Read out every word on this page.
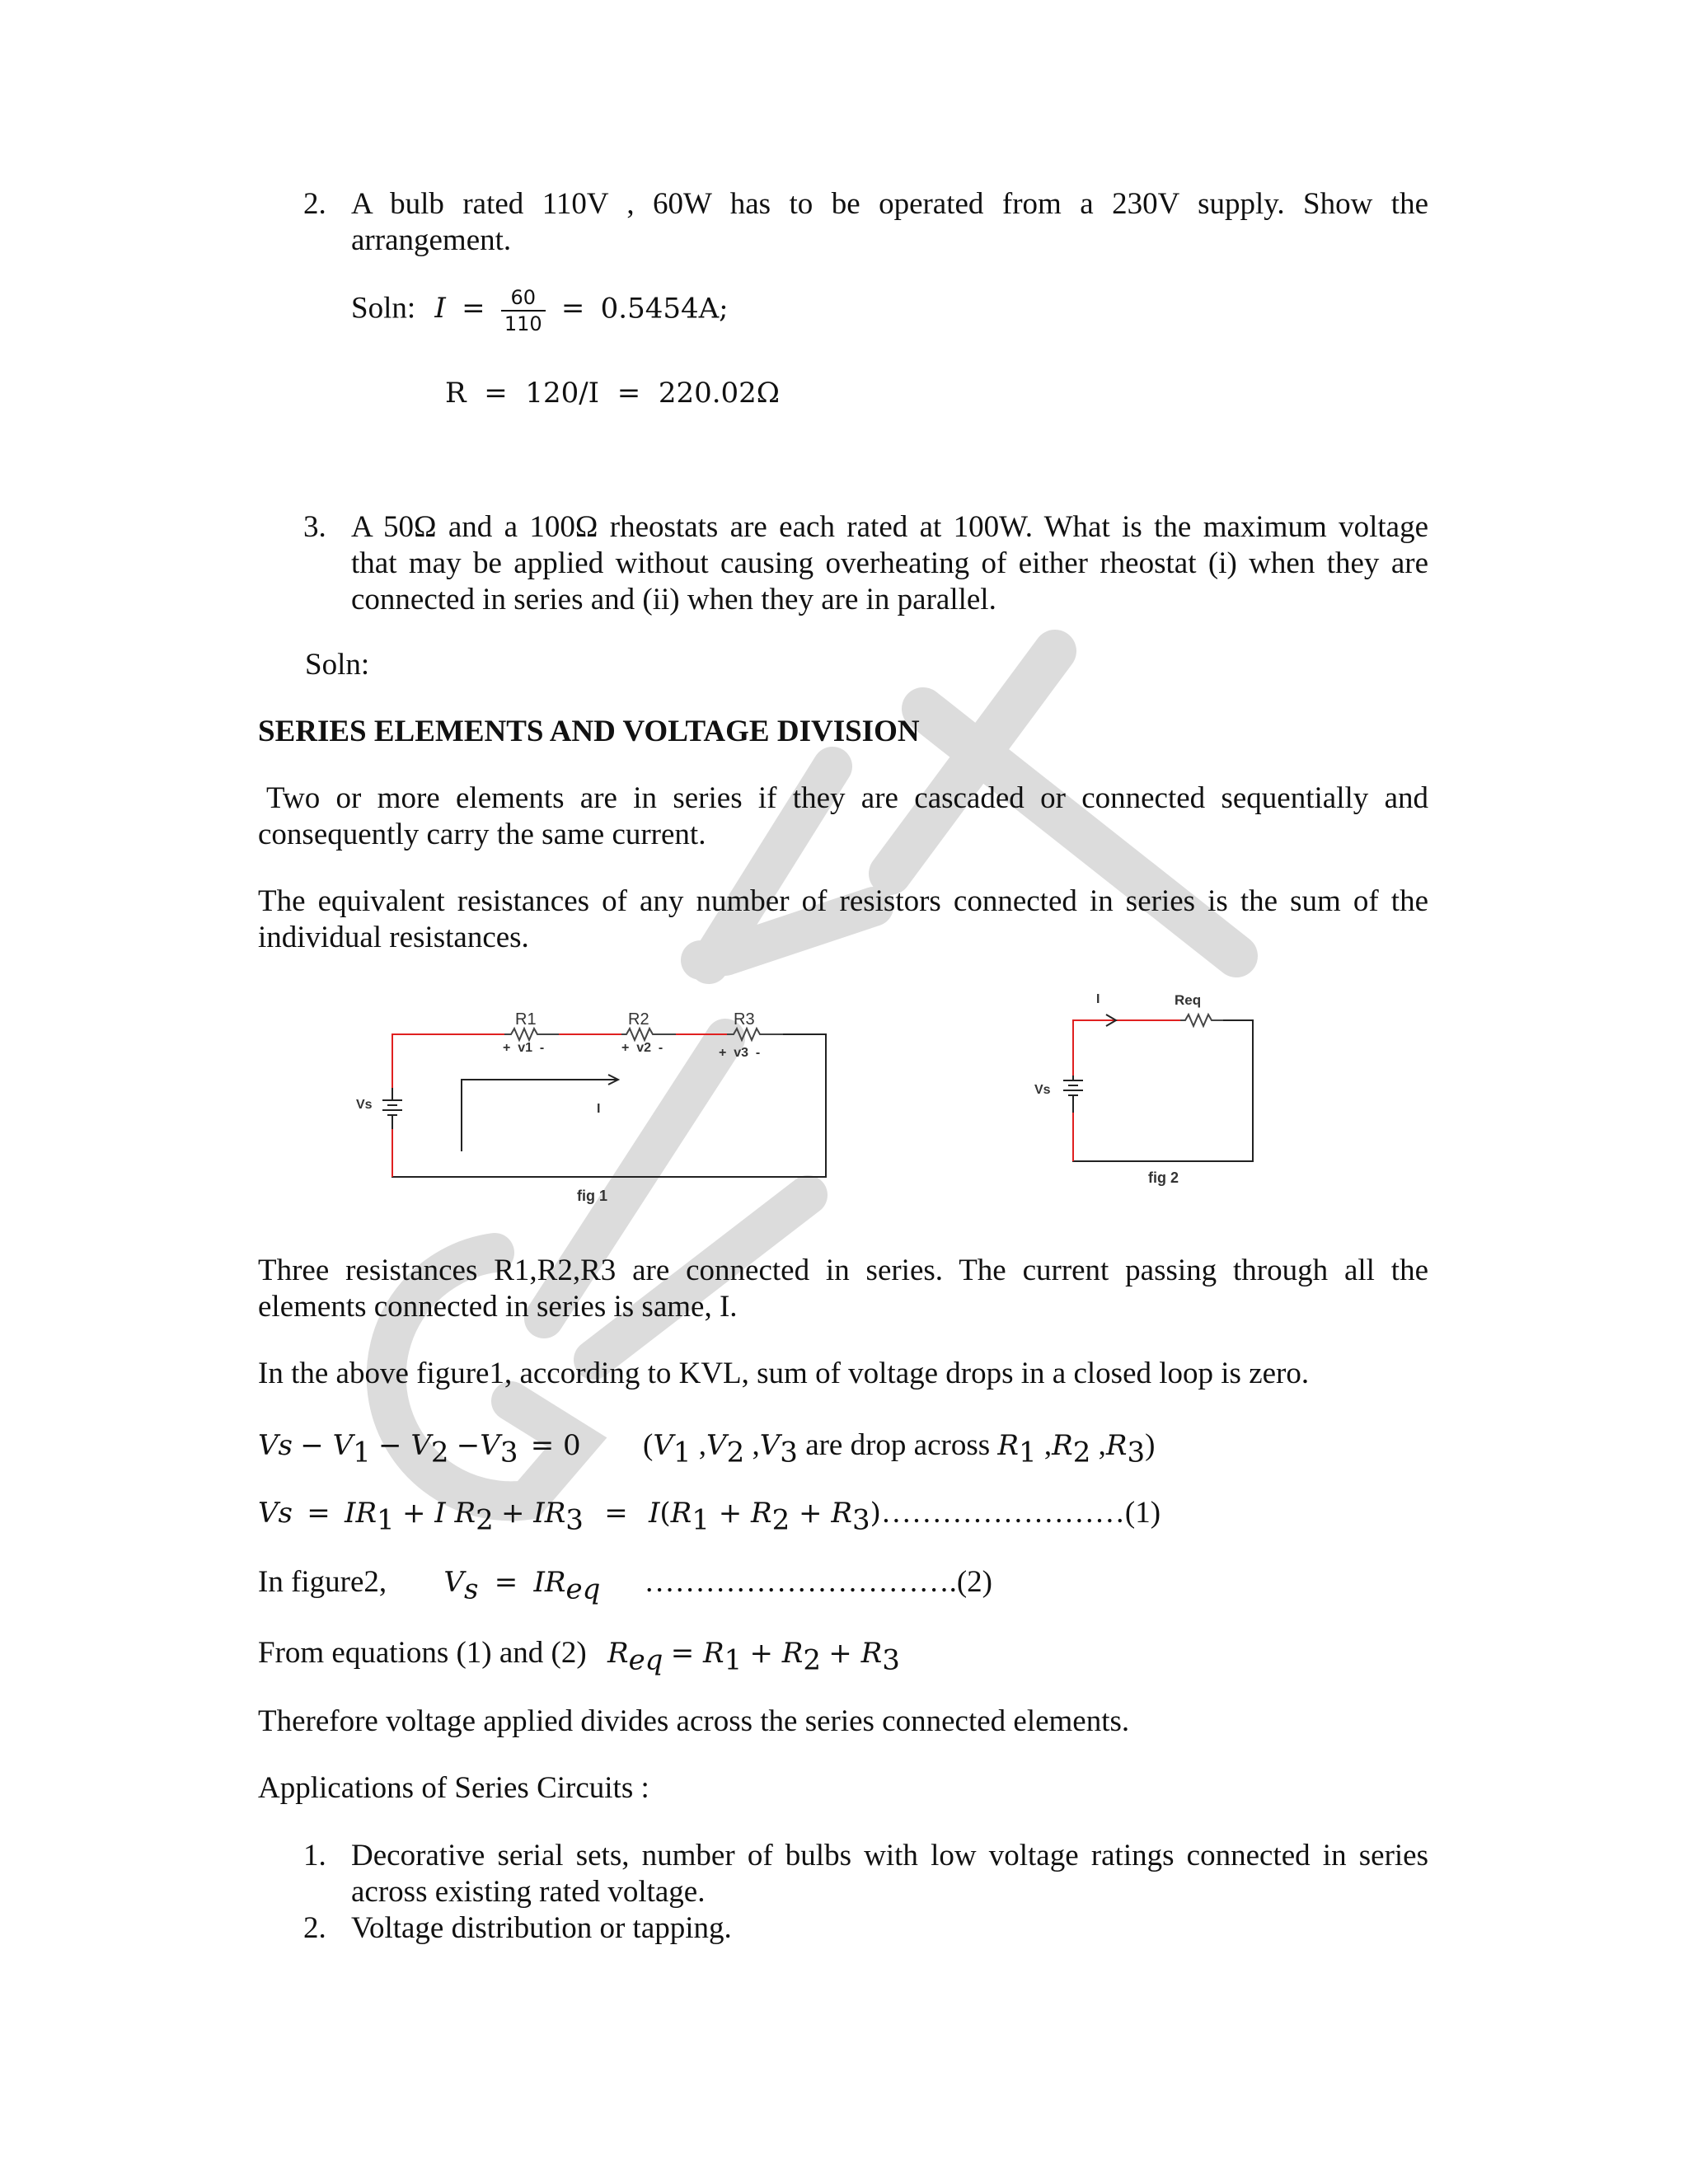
2. A bulb rated 110V , 60W has to be operated from a 230V supply. Show the
arrangement.
Soln: $I = \frac{60}{110} = 0.5454A$;
R  =  120/I  =  220.02Ω
3. A 50Ω and a 100Ω rheostats are each rated at 100W. What is the maximum voltage
that may be applied without causing overheating of either rheostat (i) when they are
connected in series and (ii) when they are in parallel.
Soln:
SERIES ELEMENTS AND VOLTAGE DIVISION
Two or more elements are in series if they are cascaded or connected sequentially and
consequently carry the same current.
The equivalent resistances of any number of resistors connected in series is the sum of the
individual resistances.
R1	R2	R3
+  v1  -	+  v2  -	+  v3  -
Vs	I
fig 1
I	Req
Vs
fig 2
Three resistances R1,R2,R3 are connected in series. The current passing through all the
elements connected in series is same, I.
In the above figure1, according to KVL, sum of voltage drops in a closed loop is zero.
$Vs - V_1 - V_2 -V_3 = 0$ ($V_1$ $,V_2$ $,V_3$ are drop across $R_1$ $,R_2$ $,R_3$)
$Vs = IR_1 + I$ $R_2 + IR_3 = I(R_1 + R_2$ + $R_3)\dots\dots\dots\dots\dots\dots\dots\dots(1)$
In figure2, $V_s = IR_{eq}$ ………………………….(2)
From equations (1) and (2) $R_{eq} = R_1 + R_2 + R_3$
Therefore voltage applied divides across the series connected elements.
Applications of Series Circuits :
1. Decorative serial sets, number of bulbs with low voltage ratings connected in series
across existing rated voltage.
2. Voltage distribution or tapping.
